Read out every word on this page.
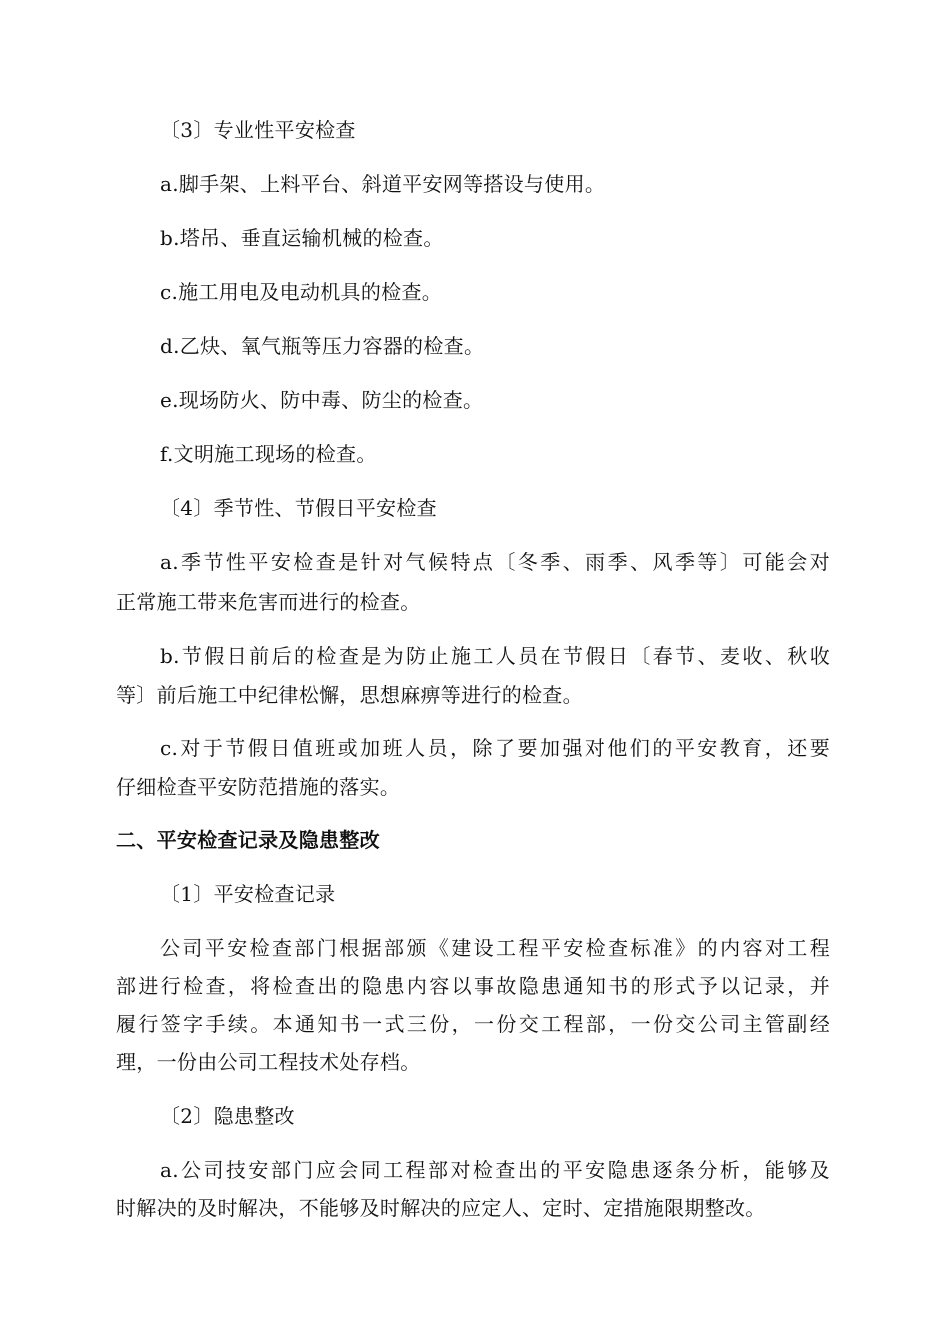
〔3〕专业性平安检查
a.脚手架、上料平台、斜道平安网等搭设与使用。
b.塔吊、垂直运输机械的检查。
c.施工用电及电动机具的检查。
d.乙炔、氧气瓶等压力容器的检查。
e.现场防火、防中毒、防尘的检查。
f.文明施工现场的检查。
〔4〕季节性、节假日平安检查
a.季节性平安检查是针对气候特点〔冬季、雨季、风季等〕可能会对
正常施工带来危害而进行的检查。
b.节假日前后的检查是为防止施工人员在节假日〔春节、麦收、秋收
等〕前后施工中纪律松懈，思想麻痹等进行的检查。
c.对于节假日值班或加班人员，除了要加强对他们的平安教育，还要
仔细检查平安防范措施的落实。
二、平安检查记录及隐患整改
〔1〕平安检查记录
公司平安检查部门根据部颁《建设工程平安检查标准》的内容对工程
部进行检查，将检查出的隐患内容以事故隐患通知书的形式予以记录，并
履行签字手续。本通知书一式三份，一份交工程部，一份交公司主管副经
理，一份由公司工程技术处存档。
〔2〕隐患整改
a.公司技安部门应会同工程部对检查出的平安隐患逐条分析，能够及
时解决的及时解决，不能够及时解决的应定人、定时、定措施限期整改。
